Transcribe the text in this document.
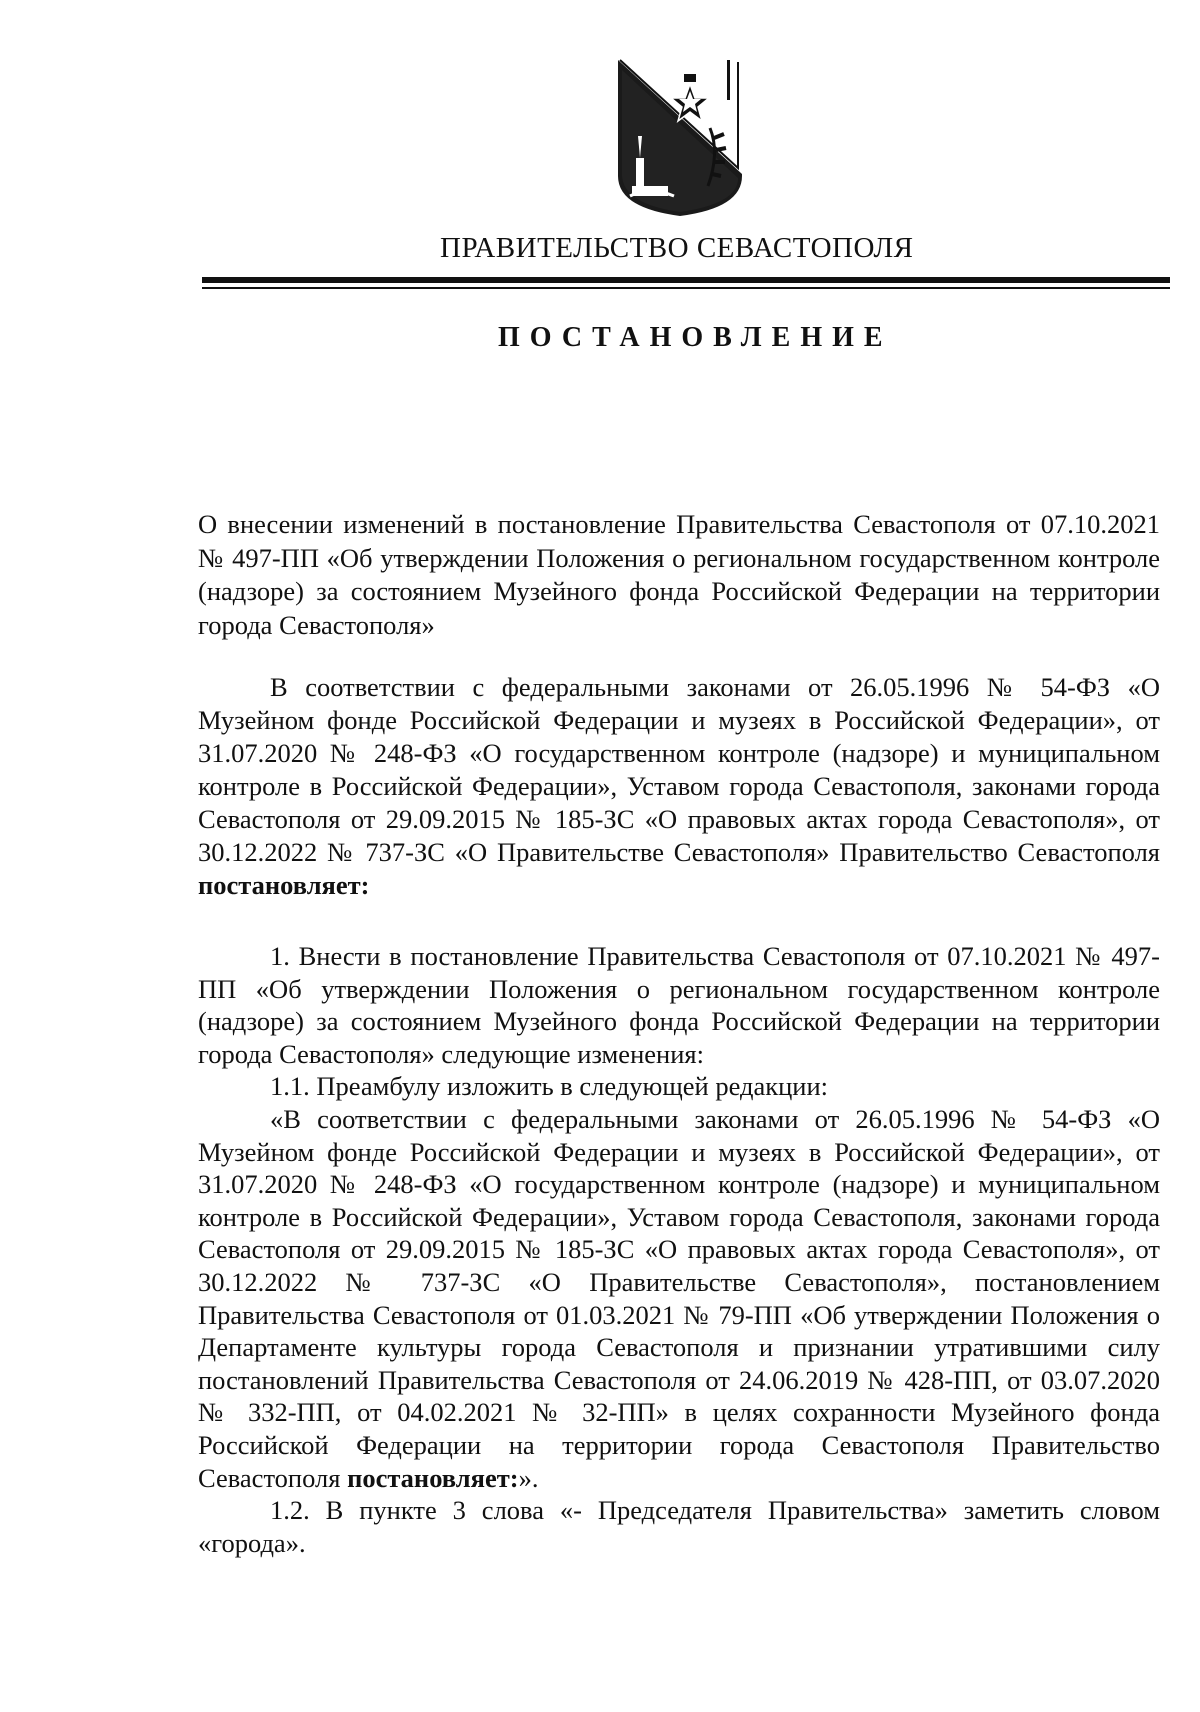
ПРАВИТЕЛЬСТВО СЕВАСТОПОЛЯ
ПОСТАНОВЛЕНИЕ

О внесении изменений в постановление Правительства Севастополя от 07.10.2021 № 497-ПП «Об утверждении Положения о региональном государственном контроле (надзоре) за состоянием Музейного фонда Российской Федерации на территории города Севастополя»

В соответствии с федеральными законами от 26.05.1996 № 54-ФЗ «О Музейном фонде Российской Федерации и музеях в Российской Федерации», от 31.07.2020 № 248-ФЗ «О государственном контроле (надзоре) и муниципальном контроле в Российской Федерации», Уставом города Севастополя, законами города Севастополя от 29.09.2015 № 185-ЗС «О правовых актах города Севастополя», от 30.12.2022 № 737-ЗС «О Правительстве Севастополя» Правительство Севастополя постановляет:

1. Внести в постановление Правительства Севастополя от 07.10.2021 № 497-ПП «Об утверждении Положения о региональном государственном контроле (надзоре) за состоянием Музейного фонда Российской Федерации на территории города Севастополя» следующие изменения:

1.1. Преамбулу изложить в следующей редакции:

«В соответствии с федеральными законами от 26.05.1996 № 54-ФЗ «О Музейном фонде Российской Федерации и музеях в Российской Федерации», от 31.07.2020 № 248-ФЗ «О государственном контроле (надзоре) и муниципальном контроле в Российской Федерации», Уставом города Севастополя, законами города Севастополя от 29.09.2015 № 185-ЗС «О правовых актах города Севастополя», от 30.12.2022 № 737-ЗС «О Правительстве Севастополя», постановлением Правительства Севастополя от 01.03.2021 № 79-ПП «Об утверждении Положения о Департаменте культуры города Севастополя и признании утратившими силу постановлений Правительства Севастополя от 24.06.2019 № 428-ПП, от 03.07.2020 № 332-ПП, от 04.02.2021 № 32-ПП» в целях сохранности Музейного фонда Российской Федерации на территории города Севастополя Правительство Севастополя постановляет:».

1.2. В пункте 3 слова «- Председателя Правительства» заметить словом «города».
